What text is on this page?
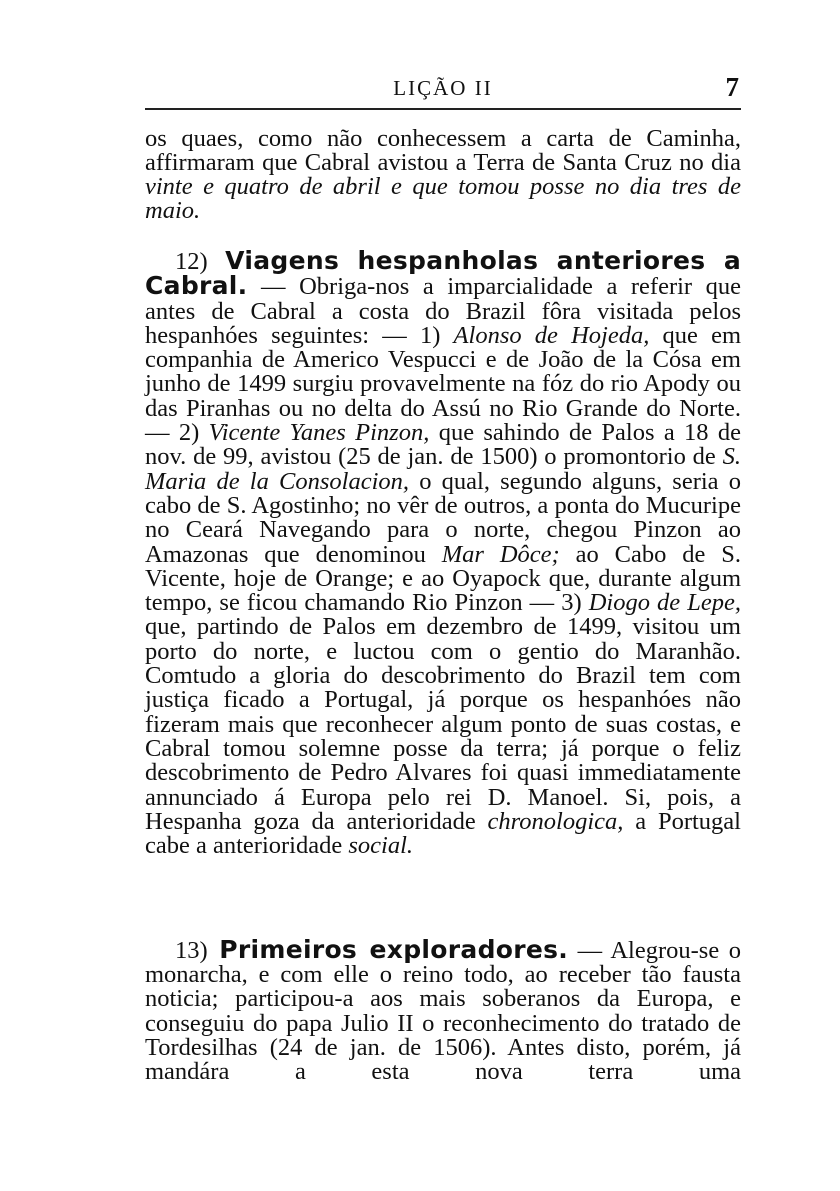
LIÇÃO II	7

os quaes, como não conhecessem a carta de Caminha, affirmaram que Cabral avistou a Terra de Santa Cruz no dia vinte e quatro de abril e que tomou posse no dia tres de maio.

12) Viagens hespanholas anteriores a Cabral. — Obriga-nos a imparcialidade a referir que antes de Cabral a costa do Brazil fôra visitada pelos hespanhóes seguintes: — 1) Alonso de Hojeda, que em companhia de Americo Vespucci e de João de la Cósa em junho de 1499 surgiu provavelmente na fóz do rio Apody ou das Piranhas ou no delta do Assú no Rio Grande do Norte. — 2) Vicente Yanes Pinzon, que sahindo de Palos a 18 de nov. de 99, avistou (25 de jan. de 1500) o promontorio de S. Maria de la Consolacion, o qual, segundo alguns, seria o cabo de S. Agostinho; no vêr de outros, a ponta do Mucuripe no Ceará Navegando para o norte, chegou Pinzon ao Amazonas que denominou Mar Dôce; ao Cabo de S. Vicente, hoje de Orange; e ao Oyapock que, durante algum tempo, se ficou chamando Rio Pinzon — 3) Diogo de Lepe, que, partindo de Palos em dezembro de 1499, visitou um porto do norte, e luctou com o gentio do Maranhão. Comtudo a gloria do descobrimento do Brazil tem com justiça ficado a Portugal, já porque os hespanhóes não fizeram mais que reconhecer algum ponto de suas costas, e Cabral tomou solemne posse da terra; já porque o feliz descobrimento de Pedro Alvares foi quasi immediatamente annunciado á Europa pelo rei D. Manoel. Si, pois, a Hespanha goza da anterioridade chronologica, a Portugal cabe a anterioridade social.

13) Primeiros exploradores. — Alegrou-se o monarcha, e com elle o reino todo, ao receber tão fausta noticia; participou-a aos mais soberanos da Europa, e conseguiu do papa Julio II o reconhecimento do tratado de Tordesilhas (24 de jan. de 1506). Antes disto, porém, já mandára a esta nova terra uma
